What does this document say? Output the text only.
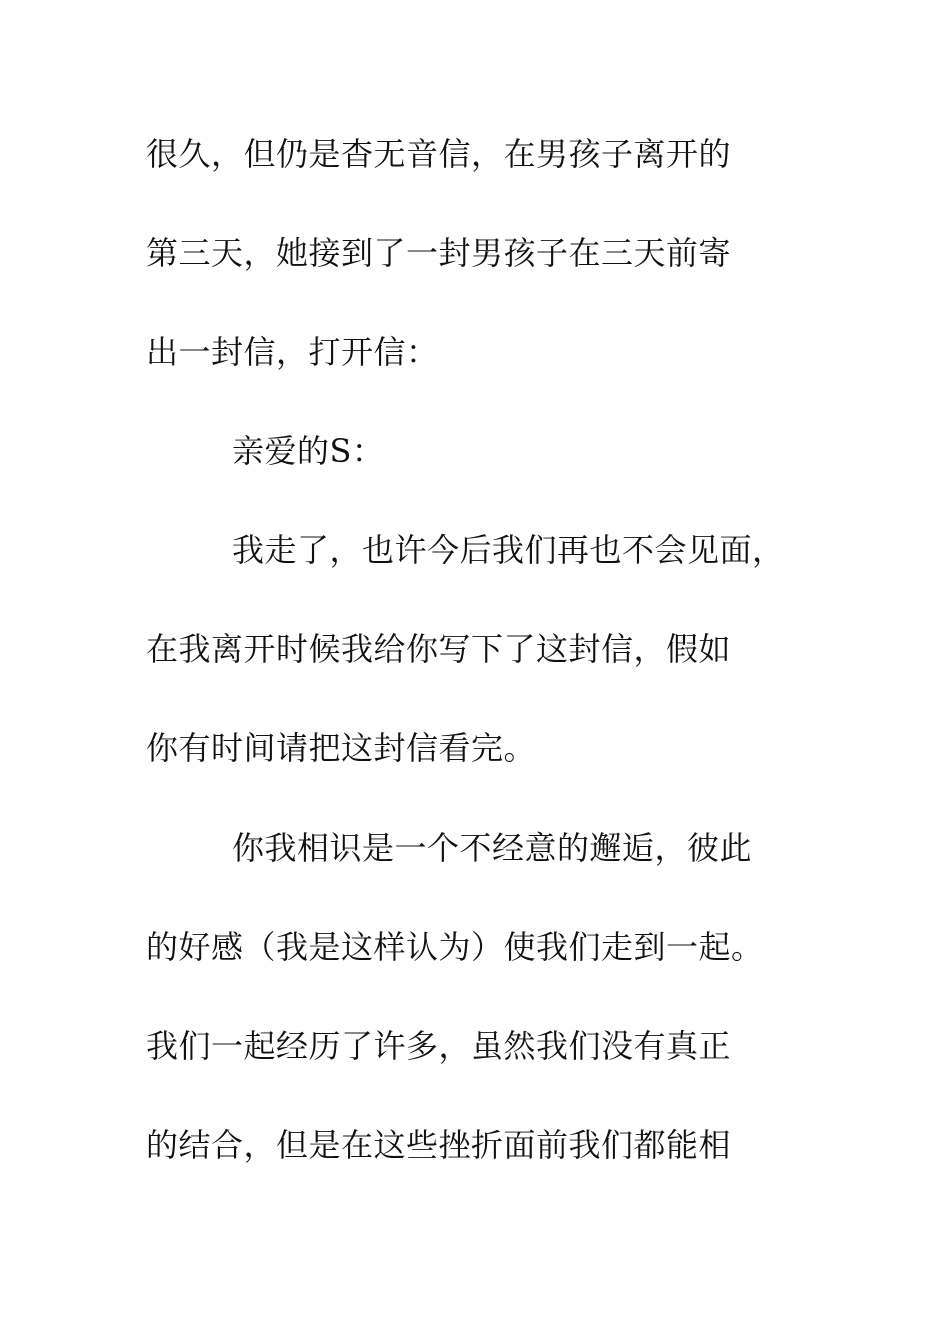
很久，但仍是杳无音信，在男孩子离开的
第三天，她接到了一封男孩子在三天前寄
出一封信，打开信：
亲爱的S：
我走了，也许今后我们再也不会见面，
在我离开时候我给你写下了这封信，假如
你有时间请把这封信看完。
你我相识是一个不经意的邂逅，彼此
的好感（我是这样认为）使我们走到一起。
我们一起经历了许多，虽然我们没有真正
的结合，但是在这些挫折面前我们都能相
